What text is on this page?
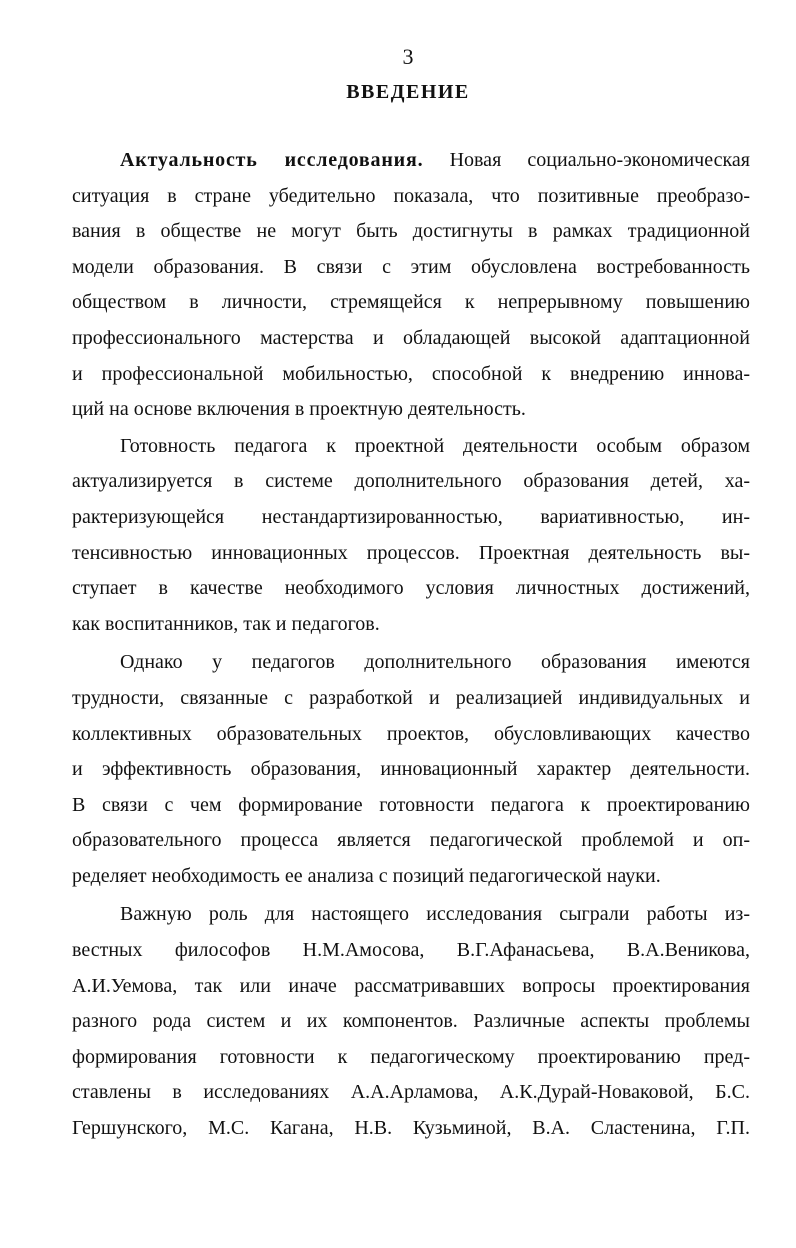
3
ВВЕДЕНИЕ
Актуальность исследования. Новая социально-экономическая
ситуация в стране убедительно показала, что позитивные преобразо-
вания в обществе не могут быть достигнуты в рамках традиционной
модели образования. В связи с этим обусловлена востребованность
обществом в личности, стремящейся к непрерывному повышению
профессионального мастерства и обладающей высокой адаптационной
и профессиональной мобильностью, способной к внедрению иннова-
ций на основе включения в проектную деятельность.
Готовность педагога к проектной деятельности особым образом
актуализируется в системе дополнительного образования детей, ха-
рактеризующейся нестандартизированностью, вариативностью, ин-
тенсивностью инновационных процессов. Проектная деятельность вы-
ступает в качестве необходимого условия личностных достижений,
как воспитанников, так и педагогов.
Однако у педагогов дополнительного образования имеются
трудности, связанные с разработкой и реализацией индивидуальных и
коллективных образовательных проектов, обусловливающих качество
и эффективность образования, инновационный характер деятельности.
В связи с чем формирование готовности педагога к проектированию
образовательного процесса является педагогической проблемой и оп-
ределяет необходимость ее анализа с позиций педагогической науки.
Важную роль для настоящего исследования сыграли работы из-
вестных философов Н.М.Амосова, В.Г.Афанасьева, В.А.Веникова,
А.И.Уемова, так или иначе рассматривавших вопросы проектирования
разного рода систем и их компонентов. Различные аспекты проблемы
формирования готовности к педагогическому проектированию пред-
ставлены в исследованиях А.А.Арламова, А.К.Дурай-Новаковой, Б.С.
Гершунского, М.С. Кагана, Н.В. Кузьминой, В.А. Сластенина, Г.П.
